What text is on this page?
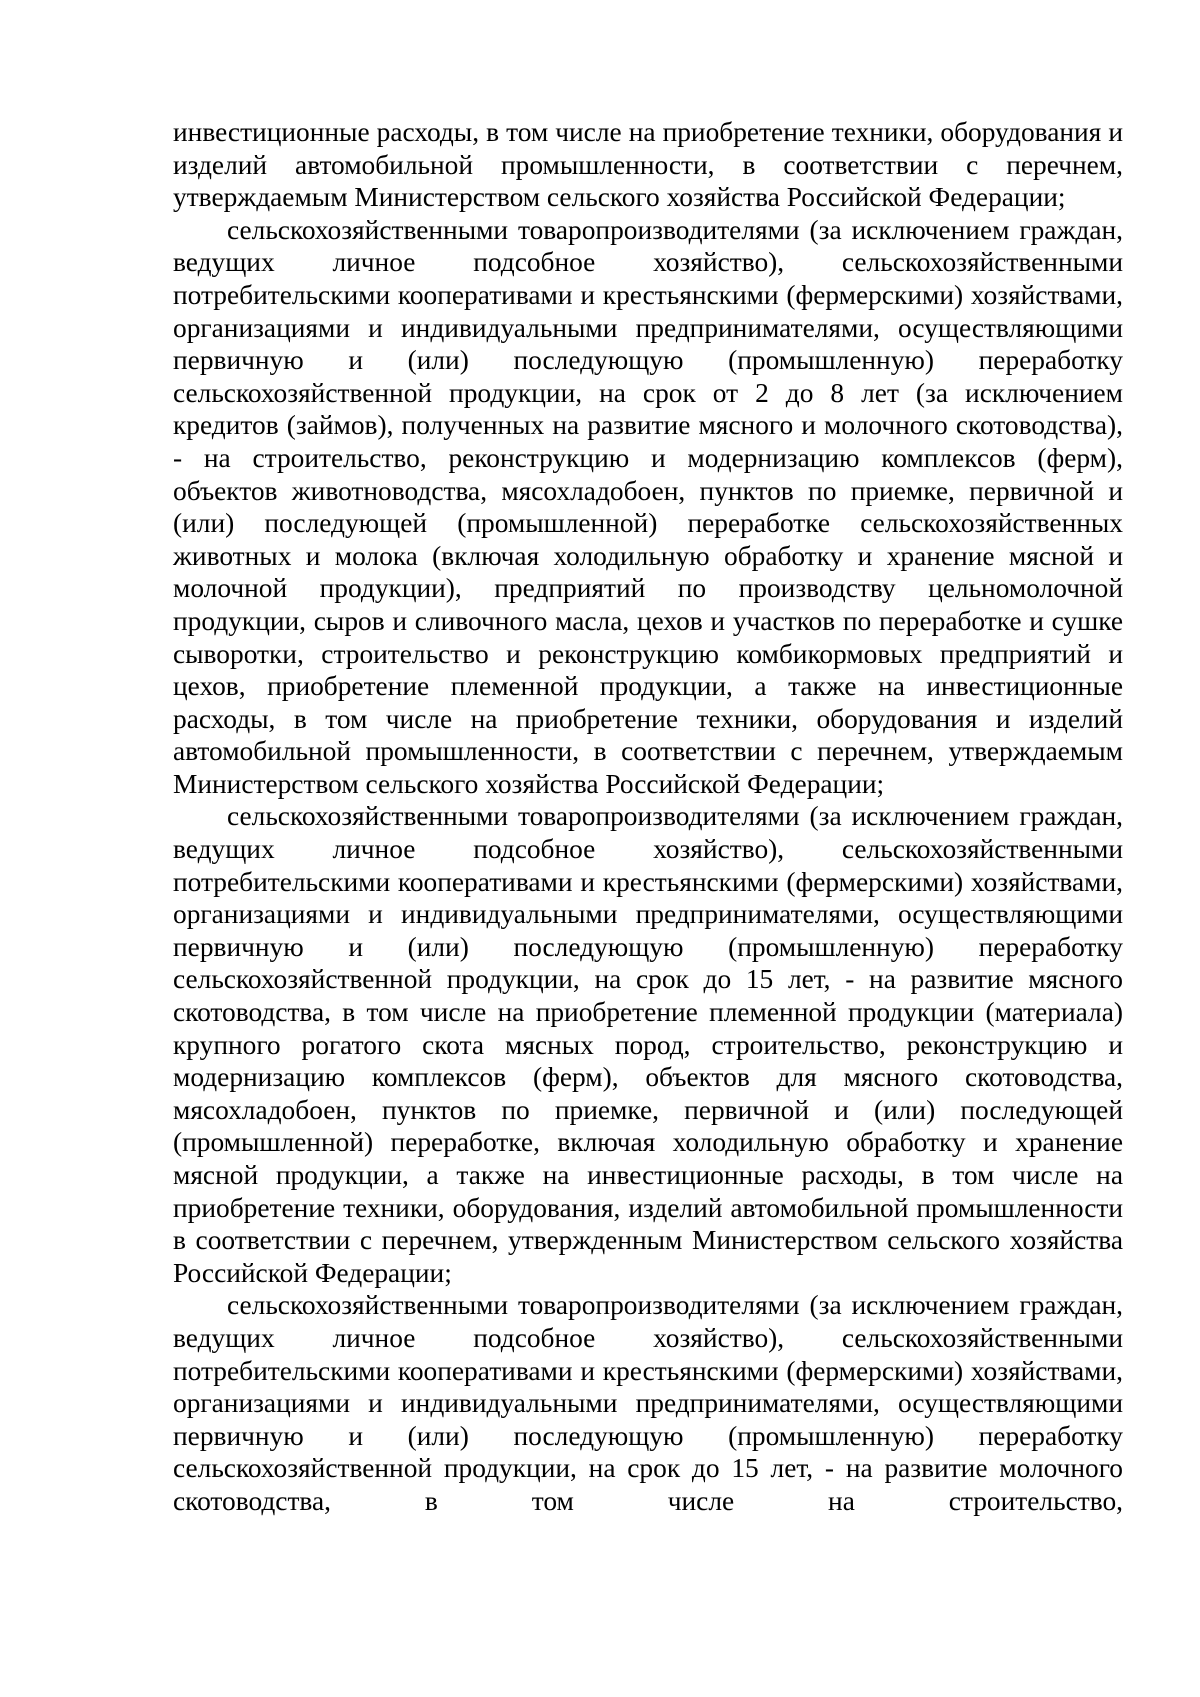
инвестиционные расходы, в том числе на приобретение техники, оборудования и изделий автомобильной промышленности, в соответствии с перечнем, утверждаемым Министерством сельского хозяйства Российской Федерации;

сельскохозяйственными товаропроизводителями (за исключением граждан, ведущих личное подсобное хозяйство), сельскохозяйственными потребительскими кооперативами и крестьянскими (фермерскими) хозяйствами, организациями и индивидуальными предпринимателями, осуществляющими первичную и (или) последующую (промышленную) переработку сельскохозяйственной продукции, на срок от 2 до 8 лет (за исключением кредитов (займов), полученных на развитие мясного и молочного скотоводства), - на строительство, реконструкцию и модернизацию комплексов (ферм), объектов животноводства, мясохладобоен, пунктов по приемке, первичной и (или) последующей (промышленной) переработке сельскохозяйственных животных и молока (включая холодильную обработку и хранение мясной и молочной продукции), предприятий по производству цельномолочной продукции, сыров и сливочного масла, цехов и участков по переработке и сушке сыворотки, строительство и реконструкцию комбикормовых предприятий и цехов, приобретение племенной продукции, а также на инвестиционные расходы, в том числе на приобретение техники, оборудования и изделий автомобильной промышленности, в соответствии с перечнем, утверждаемым Министерством сельского хозяйства Российской Федерации;

сельскохозяйственными товаропроизводителями (за исключением граждан, ведущих личное подсобное хозяйство), сельскохозяйственными потребительскими кооперативами и крестьянскими (фермерскими) хозяйствами, организациями и индивидуальными предпринимателями, осуществляющими первичную и (или) последующую (промышленную) переработку сельскохозяйственной продукции, на срок до 15 лет, - на развитие мясного скотоводства, в том числе на приобретение племенной продукции (материала) крупного рогатого скота мясных пород, строительство, реконструкцию и модернизацию комплексов (ферм), объектов для мясного скотоводства, мясохладобоен, пунктов по приемке, первичной и (или) последующей (промышленной) переработке, включая холодильную обработку и хранение мясной продукции, а также на инвестиционные расходы, в том числе на приобретение техники, оборудования, изделий автомобильной промышленности в соответствии с перечнем, утвержденным Министерством сельского хозяйства Российской Федерации;

сельскохозяйственными товаропроизводителями (за исключением граждан, ведущих личное подсобное хозяйство), сельскохозяйственными потребительскими кооперативами и крестьянскими (фермерскими) хозяйствами, организациями и индивидуальными предпринимателями, осуществляющими первичную и (или) последующую (промышленную) переработку сельскохозяйственной продукции, на срок до 15 лет, - на развитие молочного скотоводства, в том числе на строительство,
